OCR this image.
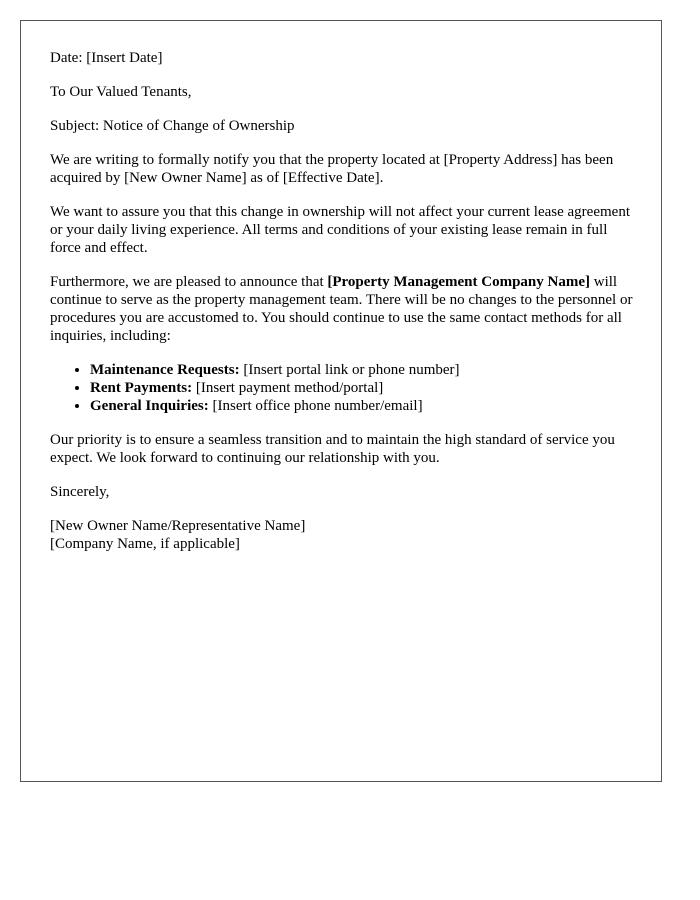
Date: [Insert Date]

To Our Valued Tenants,

Subject: Notice of Change of Ownership

We are writing to formally notify you that the property located at [Property Address] has been acquired by [New Owner Name] as of [Effective Date].

We want to assure you that this change in ownership will not affect your current lease agreement or your daily living experience. All terms and conditions of your existing lease remain in full force and effect.

Furthermore, we are pleased to announce that [Property Management Company Name] will continue to serve as the property management team. There will be no changes to the personnel or procedures you are accustomed to. You should continue to use the same contact methods for all inquiries, including:

• Maintenance Requests: [Insert portal link or phone number]
• Rent Payments: [Insert payment method/portal]
• General Inquiries: [Insert office phone number/email]

Our priority is to ensure a seamless transition and to maintain the high standard of service you expect. We look forward to continuing our relationship with you.

Sincerely,

[New Owner Name/Representative Name]
[Company Name, if applicable]
